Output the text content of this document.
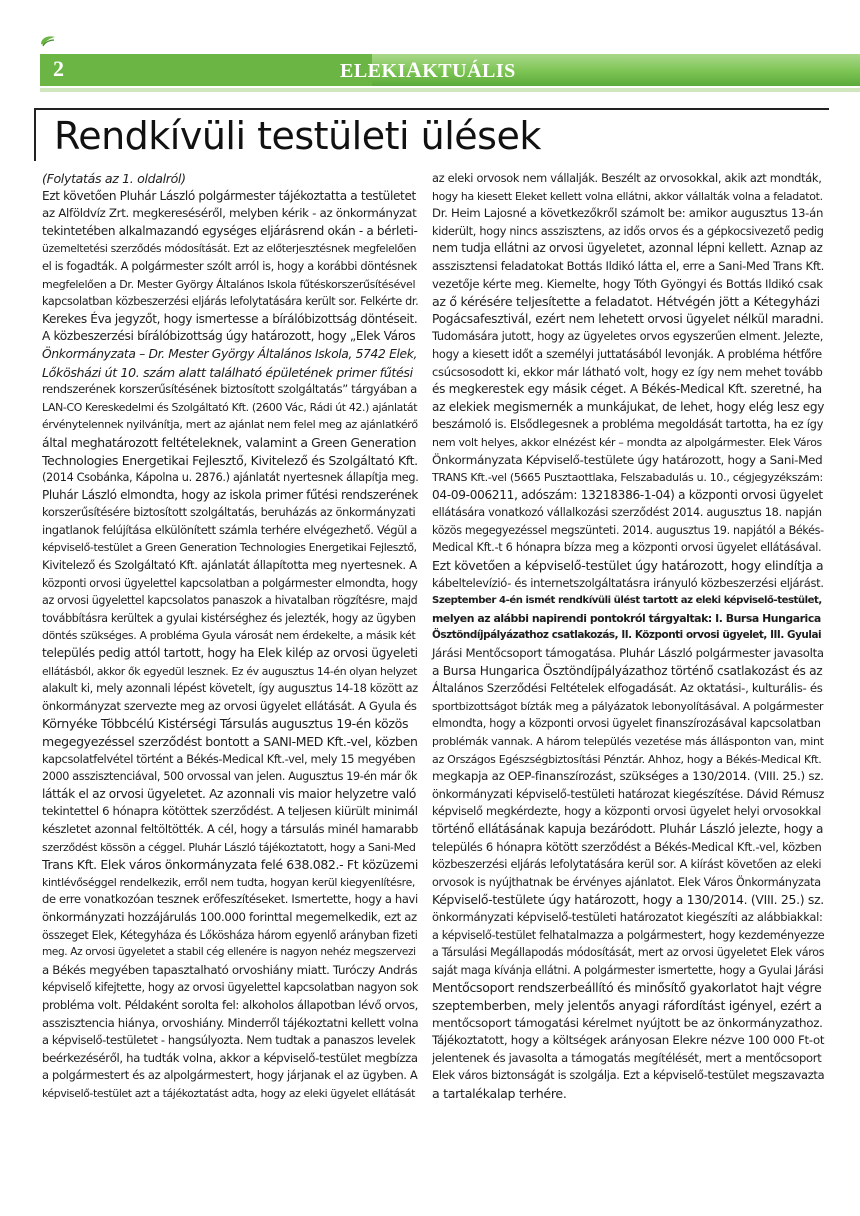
2	ELEKIAKTUÁLIS
Rendkívüli testületi ülések
(Folytatás az 1. oldalról)
Ezt követően Pluhár László polgármester tájékoztatta a testületet
az Alföldvíz Zrt. megkereséséről, melyben kérik - az önkormányzat
tekintetében alkalmazandó egységes eljárásrend okán - a bérleti-
üzemeltetési szerződés módosítását. Ezt az előterjesztésnek megfelelően
el is fogadták. A polgármester szólt arról is, hogy a korábbi döntésnek
megfelelően a Dr. Mester György Általános Iskola fűtéskorszerűsítésével
kapcsolatban közbeszerzési eljárás lefolytatására került sor. Felkérte dr.
Kerekes Éva jegyzőt, hogy ismertesse a bírálóbizottság döntéseit.
A közbeszerzési bírálóbizottság úgy határozott, hogy „Elek Város
Önkormányzata – Dr. Mester György Általános Iskola, 5742 Elek,
Lőkösházi út 10. szám alatt található épületének primer fűtési
rendszerének korszerűsítésének biztosított szolgáltatás” tárgyában a
LAN-CO Kereskedelmi és Szolgáltató Kft. (2600 Vác, Rádi út 42.) ajánlatát
érvénytelennek nyilvánítja, mert az ajánlat nem felel meg az ajánlatkérő
által meghatározott feltételeknek, valamint a Green Generation
Technologies Energetikai Fejlesztő, Kivitelező és Szolgáltató Kft.
(2014 Csobánka, Kápolna u. 2876.) ajánlatát nyertesnek állapítja meg.
Pluhár László elmondta, hogy az iskola primer fűtési rendszerének
korszerűsítésére biztosított szolgáltatás, beruházás az önkormányzati
ingatlanok felújítása elkülönített számla terhére elvégezhető. Végül a
képviselő-testület a Green Generation Technologies Energetikai Fejlesztő,
Kivitelező és Szolgáltató Kft. ajánlatát állapította meg nyertesnek. A
központi orvosi ügyelettel kapcsolatban a polgármester elmondta, hogy
az orvosi ügyelettel kapcsolatos panaszok a hivatalban rögzítésre, majd
továbbításra kerültek a gyulai kistérséghez és jelezték, hogy az ügyben
döntés szükséges. A probléma Gyula városát nem érdekelte, a másik két
település pedig attól tartott, hogy ha Elek kilép az orvosi ügyeleti
ellátásból, akkor ők egyedül lesznek. Ez év augusztus 14-én olyan helyzet
alakult ki, mely azonnali lépést követelt, így augusztus 14-18 között az
önkormányzat szervezte meg az orvosi ügyelet ellátását. A Gyula és
Környéke Többcélú Kistérségi Társulás augusztus 19-én közös
megegyezéssel szerződést bontott a SANI-MED Kft.-vel, közben
kapcsolatfelvétel történt a Békés-Medical Kft.-vel, mely 15 megyében
2000 asszisztenciával, 500 orvossal van jelen. Augusztus 19-én már ők
látták el az orvosi ügyeletet. Az azonnali vis maior helyzetre való
tekintettel 6 hónapra kötöttek szerződést. A teljesen kiürült minimál
készletet azonnal feltöltötték. A cél, hogy a társulás minél hamarabb
szerződést kössön a céggel. Pluhár László tájékoztatott, hogy a Sani-Med
Trans Kft. Elek város önkormányzata felé 638.082.- Ft közüzemi
kintlévőséggel rendelkezik, erről nem tudta, hogyan kerül kiegyenlítésre,
de erre vonatkozóan tesznek erőfeszítéseket. Ismertette, hogy a havi
önkormányzati hozzájárulás 100.000 forinttal megemelkedik, ezt az
összeget Elek, Kétegyháza és Lőkösháza három egyenlő arányban fizeti
meg. Az orvosi ügyeletet a stabil cég ellenére is nagyon nehéz megszervezi
a Békés megyében tapasztalható orvoshiány miatt. Turóczy András
képviselő kifejtette, hogy az orvosi ügyelettel kapcsolatban nagyon sok
probléma volt. Példaként sorolta fel: alkoholos állapotban lévő orvos,
asszisztencia hiánya, orvoshiány. Minderről tájékoztatni kellett volna
a képviselő-testületet - hangsúlyozta. Nem tudtak a panaszos levelek
beérkezéséről, ha tudták volna, akkor a képviselő-testület megbízza
a polgármestert és az alpolgármestert, hogy járjanak el az ügyben. A
képviselő-testület azt a tájékoztatást adta, hogy az eleki ügyelet ellátását
az eleki orvosok nem vállalják. Beszélt az orvosokkal, akik azt mondták,
hogy ha kiesett Eleket kellett volna ellátni, akkor vállalták volna a feladatot.
Dr. Heim Lajosné a következőkről számolt be: amikor augusztus 13-án
kiderült, hogy nincs asszisztens, az idős orvos és a gépkocsivezető pedig
nem tudja ellátni az orvosi ügyeletet, azonnal lépni kellett. Aznap az
asszisztensi feladatokat Bottás Ildikó látta el, erre a Sani-Med Trans Kft.
vezetője kérte meg. Kiemelte, hogy Tóth Gyöngyi és Bottás Ildikó csak
az ő kérésére teljesítette a feladatot. Hétvégén jött a Kétegyházi
Pogácsafesztivál, ezért nem lehetett orvosi ügyelet nélkül maradni.
Tudomására jutott, hogy az ügyeletes orvos egyszerűen elment. Jelezte,
hogy a kiesett időt a személyi juttatásából levonják. A probléma hétfőre
csúcsosodott ki, ekkor már látható volt, hogy ez így nem mehet tovább
és megkerestek egy másik céget. A Békés-Medical Kft. szeretné, ha
az elekiek megismernék a munkájukat, de lehet, hogy elég lesz egy
beszámoló is. Elsődlegesnek a probléma megoldását tartotta, ha ez így
nem volt helyes, akkor elnézést kér – mondta az alpolgármester. Elek Város
Önkormányzata Képviselő-testülete úgy határozott, hogy a Sani-Med
TRANS Kft.-vel (5665 Pusztaottlaka, Felszabadulás u. 10., cégjegyzékszám:
04-09-006211, adószám: 13218386-1-04) a központi orvosi ügyelet
ellátására vonatkozó vállalkozási szerződést 2014. augusztus 18. napján
közös megegyezéssel megszünteti. 2014. augusztus 19. napjától a Békés-
Medical Kft.-t 6 hónapra bízza meg a központi orvosi ügyelet ellátásával.
Ezt követően a képviselő-testület úgy határozott, hogy elindítja a
kábeltelevízió- és internetszolgáltatásra irányuló közbeszerzési eljárást.
Szeptember 4-én ismét rendkívüli ülést tartott az eleki képviselő-testület,
melyen az alábbi napirendi pontokról tárgyaltak: I. Bursa Hungarica
Ösztöndíjpályázathoz csatlakozás, II. Központi orvosi ügyelet, III. Gyulai
Járási Mentőcsoport támogatása. Pluhár László polgármester javasolta
a Bursa Hungarica Ösztöndíjpályázathoz történő csatlakozást és az
Általános Szerződési Feltételek elfogadását. Az oktatási-, kulturális- és
sportbizottságot bízták meg a pályázatok lebonyolításával. A polgármester
elmondta, hogy a központi orvosi ügyelet finanszírozásával kapcsolatban
problémák vannak. A három település vezetése más állásponton van, mint
az Országos Egészségbiztosítási Pénztár. Ahhoz, hogy a Békés-Medical Kft.
megkapja az OEP-finanszírozást, szükséges a 130/2014. (VIII. 25.) sz.
önkormányzati képviselő-testületi határozat kiegészítése. Dávid Rémusz
képviselő megkérdezte, hogy a központi orvosi ügyelet helyi orvosokkal
történő ellátásának kapuja bezáródott. Pluhár László jelezte, hogy a
település 6 hónapra kötött szerződést a Békés-Medical Kft.-vel, közben
közbeszerzési eljárás lefolytatására kerül sor. A kiírást követően az eleki
orvosok is nyújthatnak be érvényes ajánlatot. Elek Város Önkormányzata
Képviselő-testülete úgy határozott, hogy a 130/2014. (VIII. 25.) sz.
önkormányzati képviselő-testületi határozatot kiegészíti az alábbiakkal:
a képviselő-testület felhatalmazza a polgármestert, hogy kezdeményezze
a Társulási Megállapodás módosítását, mert az orvosi ügyeletet Elek város
saját maga kívánja ellátni. A polgármester ismertette, hogy a Gyulai Járási
Mentőcsoport rendszerbeállító és minősítő gyakorlatot hajt végre
szeptemberben, mely jelentős anyagi ráfordítást igényel, ezért a
mentőcsoport támogatási kérelmet nyújtott be az önkormányzathoz.
Tájékoztatott, hogy a költségek arányosan Elekre nézve 100 000 Ft-ot
jelentenek és javasolta a támogatás megítélését, mert a mentőcsoport
Elek város biztonságát is szolgálja. Ezt a képviselő-testület megszavazta
a tartalékalap terhére.
